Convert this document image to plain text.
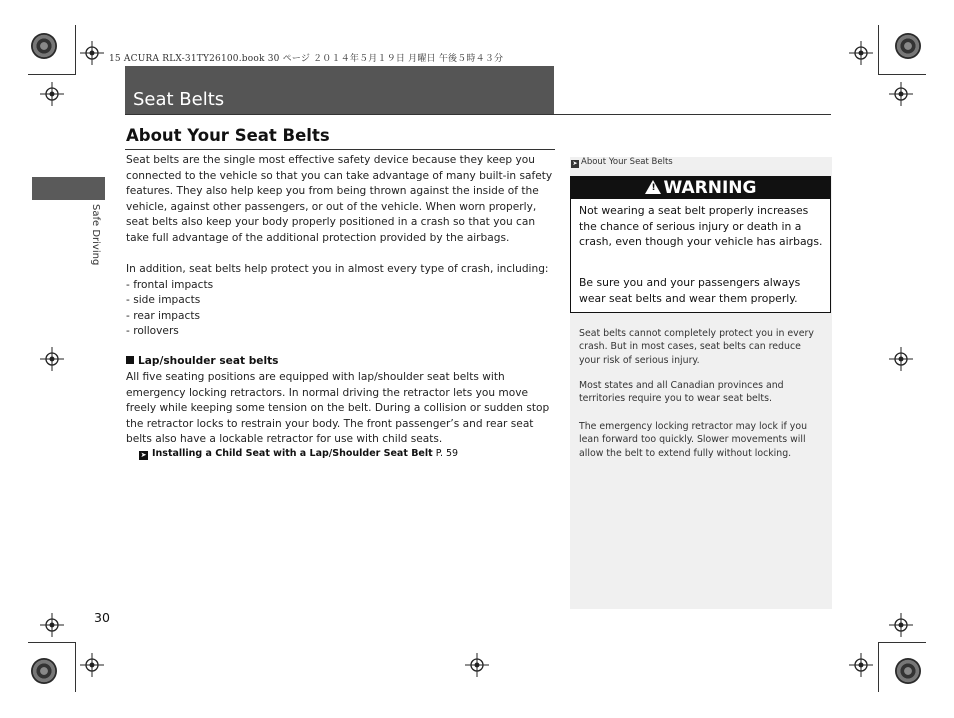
15 ACURA RLX-31TY26100.book 30 ページ ２０１４年５月１９日 月曜日 午後５時４３分
Seat Belts
Safe Driving
About Your Seat Belts
Seat belts are the single most effective safety device because they keep you connected to the vehicle so that you can take advantage of many built-in safety features. They also help keep you from being thrown against the inside of the vehicle, against other passengers, or out of the vehicle. When worn properly, seat belts also keep your body properly positioned in a crash so that you can take full advantage of the additional protection provided by the airbags.
In addition, seat belts help protect you in almost every type of crash, including:
- frontal impacts
- side impacts
- rear impacts
- rollovers
Lap/shoulder seat belts
All five seating positions are equipped with lap/shoulder seat belts with emergency locking retractors. In normal driving the retractor lets you move freely while keeping some tension on the belt. During a collision or sudden stop the retractor locks to restrain your body. The front passenger’s and rear seat belts also have a lockable retractor for use with child seats.
➤ Installing a Child Seat with a Lap/Shoulder Seat Belt P. 59
30
➤ About Your Seat Belts
! WARNING
Not wearing a seat belt properly increases the chance of serious injury or death in a crash, even though your vehicle has airbags.
Be sure you and your passengers always wear seat belts and wear them properly.
Seat belts cannot completely protect you in every crash. But in most cases, seat belts can reduce your risk of serious injury.
Most states and all Canadian provinces and territories require you to wear seat belts.
The emergency locking retractor may lock if you lean forward too quickly. Slower movements will allow the belt to extend fully without locking.
